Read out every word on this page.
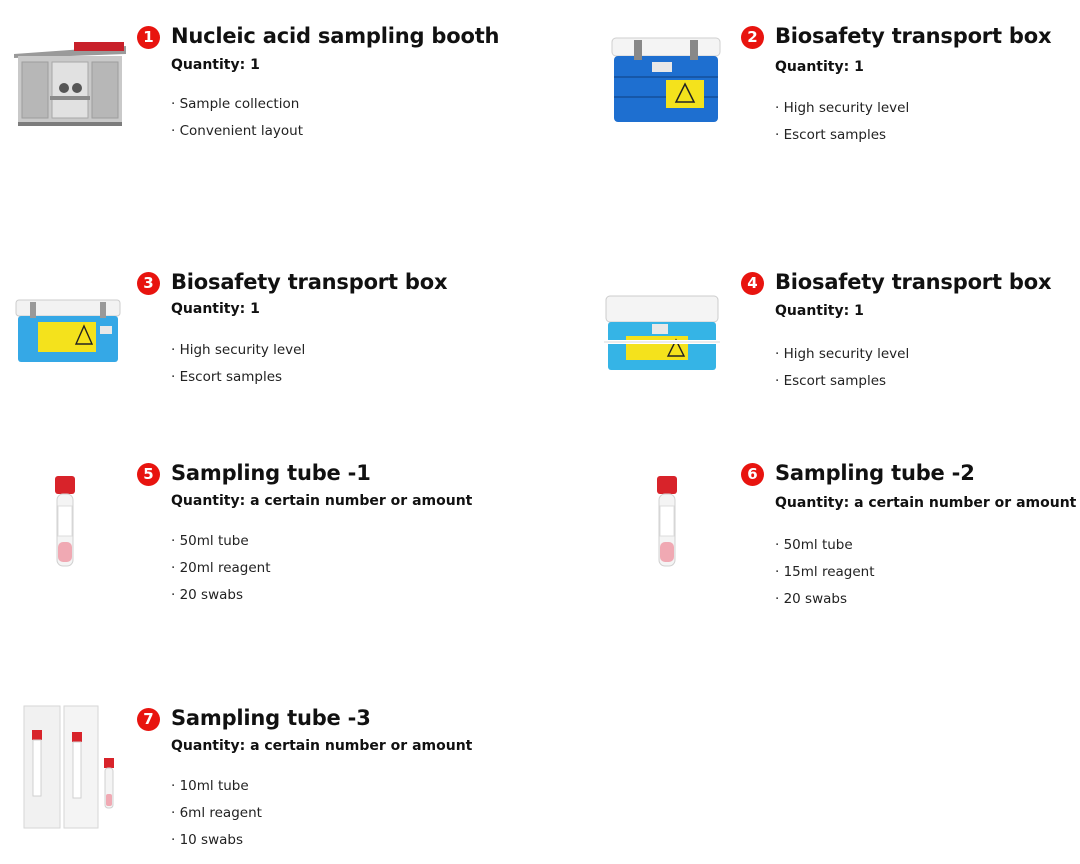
1 Nucleic acid sampling booth
Quantity: 1
· Sample collection
· Convenient layout
2 Biosafety transport box
Quantity: 1
· High security level
· Escort samples
3 Biosafety transport box
Quantity: 1
· High security level
· Escort samples
4 Biosafety transport box
Quantity: 1
· High security level
· Escort samples
5 Sampling tube -1
Quantity: a certain number or amount
· 50ml tube
· 20ml reagent
· 20 swabs
6 Sampling tube -2
Quantity: a certain number or amount
· 50ml tube
· 15ml reagent
· 20 swabs
7 Sampling tube -3
Quantity: a certain number or amount
· 10ml tube
· 6ml reagent
· 10 swabs
